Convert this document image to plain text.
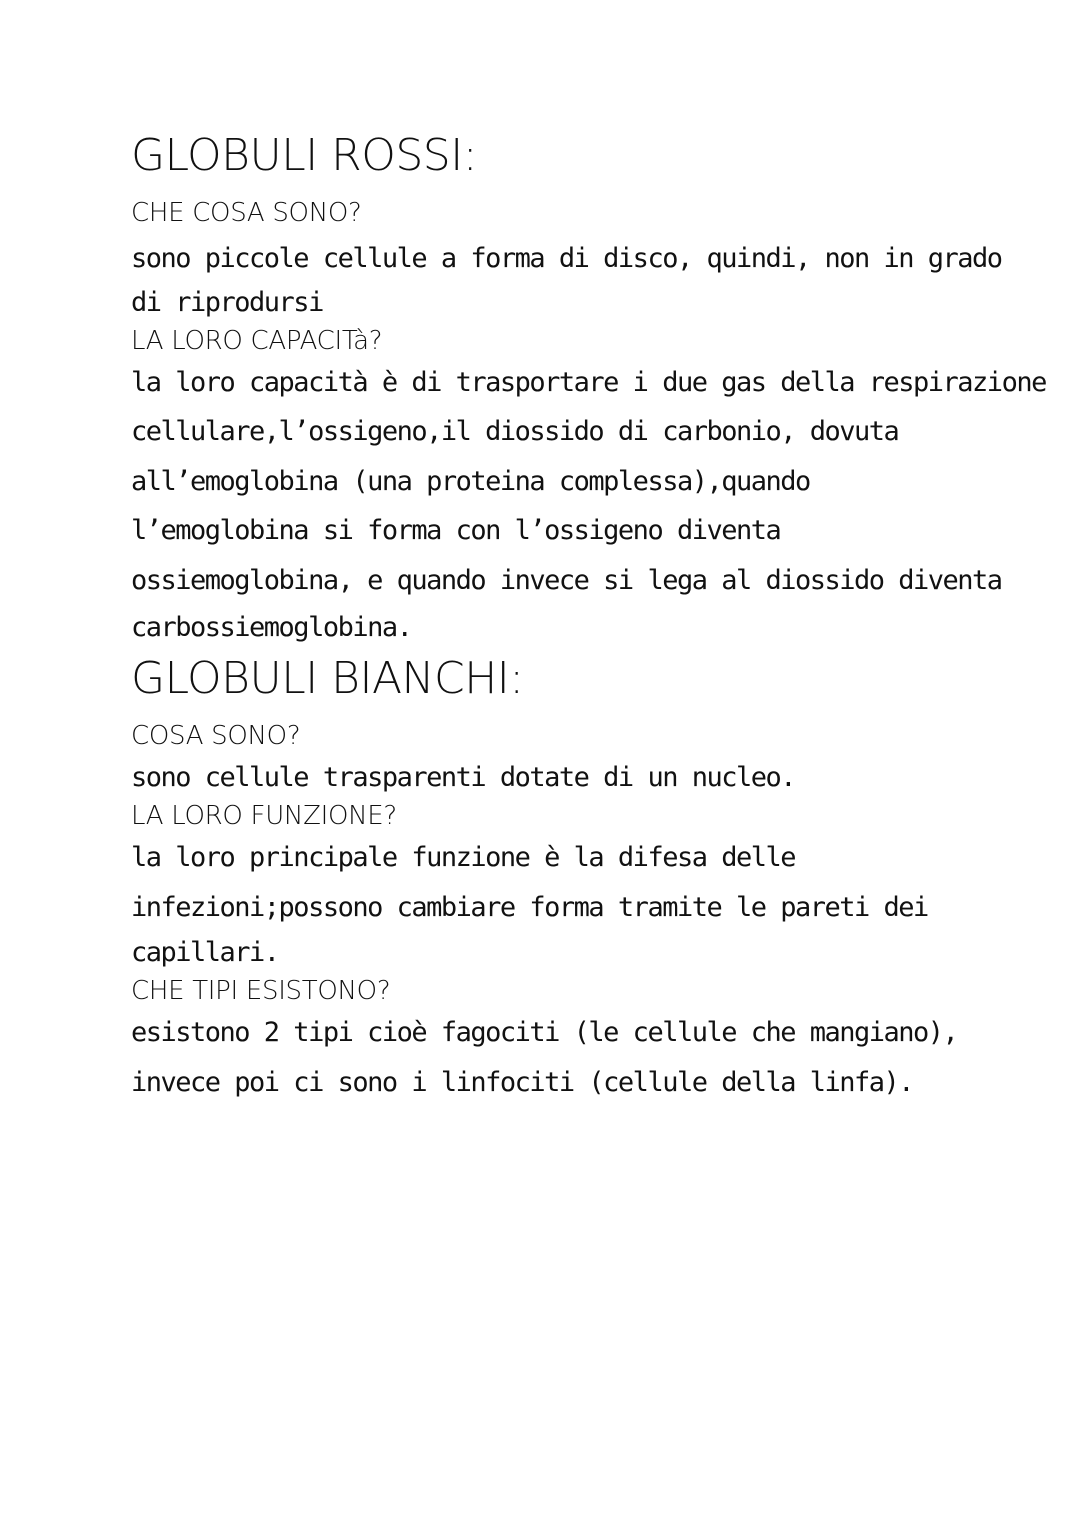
GLOBULI ROSSI:

CHE COSA SONO?

sono piccole cellule a forma di disco, quindi, non in grado

di riprodursi

LA LORO CAPACITà?

la loro capacità è di trasportare i due gas della respirazione

cellulare,l’ossigeno,il diossido di carbonio, dovuta

all’emoglobina (una proteina complessa),quando

l’emoglobina si forma con l’ossigeno diventa

ossiemoglobina, e quando invece si lega al diossido diventa

carbossiemoglobina.

GLOBULI BIANCHI:

COSA SONO?

sono cellule trasparenti dotate di un nucleo.

LA LORO FUNZIONE?

la loro principale funzione è la difesa delle

infezioni;possono cambiare forma tramite le pareti dei

capillari.

CHE TIPI ESISTONO?

esistono 2 tipi cioè fagociti (le cellule che mangiano),

invece poi ci sono i linfociti (cellule della linfa).
